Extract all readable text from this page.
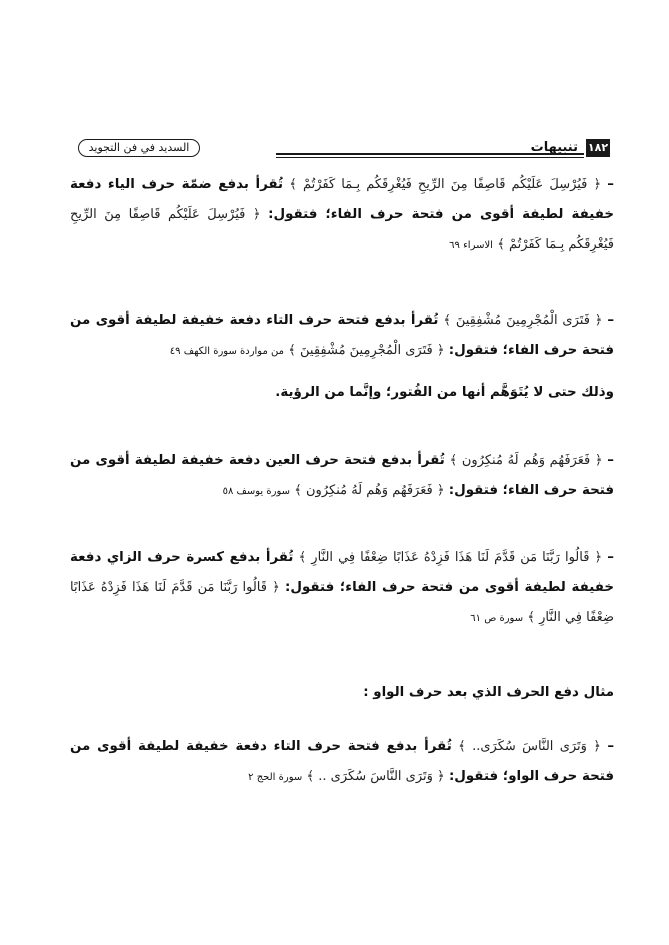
١٨٢
تنبيهات
السديد في فن التجويد

– ﴿ فَيُرْسِلَ عَلَيْكُم قَاصِفًا مِنَ الرِّيحِ فَيُغْرِقَكُم بِـمَا كَفَرْتُمْ ﴾ تُقرأ بدفع ضمّة حرف الياء دفعة خفيفة لطيفة أقوى من فتحة حرف الفاء؛ فتقول: ﴿ فَيُرْسِلَ عَلَيْكُم قَاصِفًا مِنَ الرِّيحِ فَيُغْرِقَكُم بِـمَا كَفَرْتُمْ ﴾ الاسراء ٦٩

– ﴿ فَتَرَى الْمُجْرِمِينَ مُشْفِقِينَ ﴾ تُقرأ بدفع فتحة حرف التاء دفعة خفيفة لطيفة أقوى من فتحة حرف الفاء؛ فتقول: ﴿ فَتَرَى الْمُجْرِمِينَ مُشْفِقِينَ ﴾ من مواردة سورة الكهف ٤٩

وذلك حتى لا يُتَوَهَّم أنها من الفُتور؛ وإنَّما من الرؤية.

– ﴿ فَعَرَفَهُم وَهُم لَهُ مُنكِرُون ﴾ تُقرأ بدفع فتحة حرف العين دفعة خفيفة لطيفة أقوى من فتحة حرف الفاء؛ فتقول: ﴿ فَعَرَفَهُم وَهُم لَهُ مُنكِرُون ﴾ سورة يوسف ٥٨

– ﴿ قَالُوا رَبَّنَا مَن قَدَّمَ لَنَا هَذَا فَزِدْهُ عَذَابًا ضِعْفًا فِي النَّارِ ﴾ تُقرأ بدفع كسرة حرف الزاي دفعة خفيفة لطيفة أقوى من فتحة حرف الفاء؛ فتقول: ﴿ قَالُوا رَبَّنَا مَن قَدَّمَ لَنَا هَذَا فَزِدْهُ عَذَابًا ضِعْفًا فِي النَّارِ ﴾ سورة ص ٦١

مثال دفع الحرف الذي بعد حرف الواو :

– ﴿ وَتَرَى النَّاسَ سُكَرَى.. ﴾ تُقرأ بدفع فتحة حرف التاء دفعة خفيفة لطيفة أقوى من فتحة حرف الواو؛ فتقول: ﴿ وَتَرَى النَّاسَ سُكَرَى .. ﴾ سورة الحج ٢
